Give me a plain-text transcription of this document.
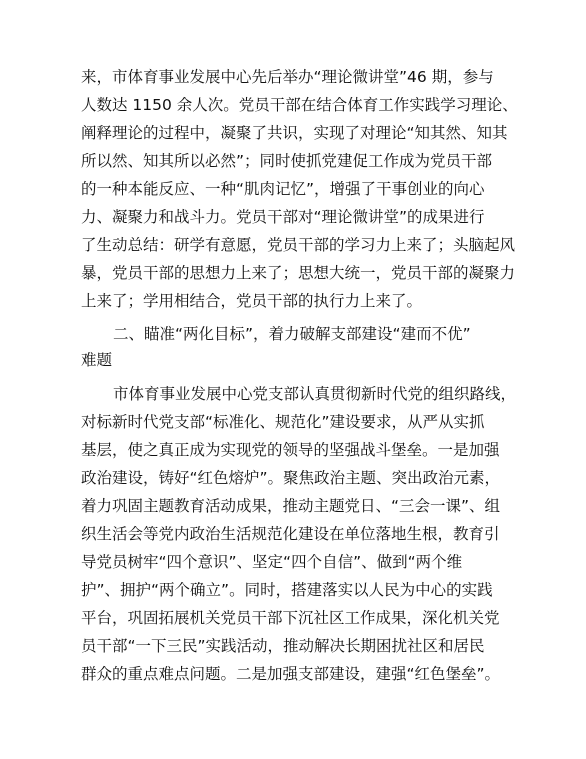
来，市体育事业发展中心先后举办“理论微讲堂”46 期，参与
人数达 1150 余人次。党员干部在结合体育工作实践学习理论、
阐释理论的过程中，凝聚了共识，实现了对理论“知其然、知其
所以然、知其所以必然”；同时使抓党建促工作成为党员干部
的一种本能反应、一种“肌肉记忆”，增强了干事创业的向心
力、凝聚力和战斗力。党员干部对“理论微讲堂”的成果进行
了生动总结：研学有意愿，党员干部的学习力上来了；头脑起风
暴，党员干部的思想力上来了；思想大统一，党员干部的凝聚力
上来了；学用相结合，党员干部的执行力上来了。
二、瞄准“两化目标”，着力破解支部建设“建而不优”
难题
市体育事业发展中心党支部认真贯彻新时代党的组织路线，
对标新时代党支部“标准化、规范化”建设要求，从严从实抓
基层，使之真正成为实现党的领导的坚强战斗堡垒。一是加强
政治建设，铸好“红色熔炉”。聚焦政治主题、突出政治元素，
着力巩固主题教育活动成果，推动主题党日、“三会一课”、组
织生活会等党内政治生活规范化建设在单位落地生根，教育引
导党员树牢“四个意识”、坚定“四个自信”、做到“两个维
护”、拥护“两个确立”。同时，搭建落实以人民为中心的实践
平台，巩固拓展机关党员干部下沉社区工作成果，深化机关党
员干部“一下三民”实践活动，推动解决长期困扰社区和居民
群众的重点难点问题。二是加强支部建设，建强“红色堡垒”。
